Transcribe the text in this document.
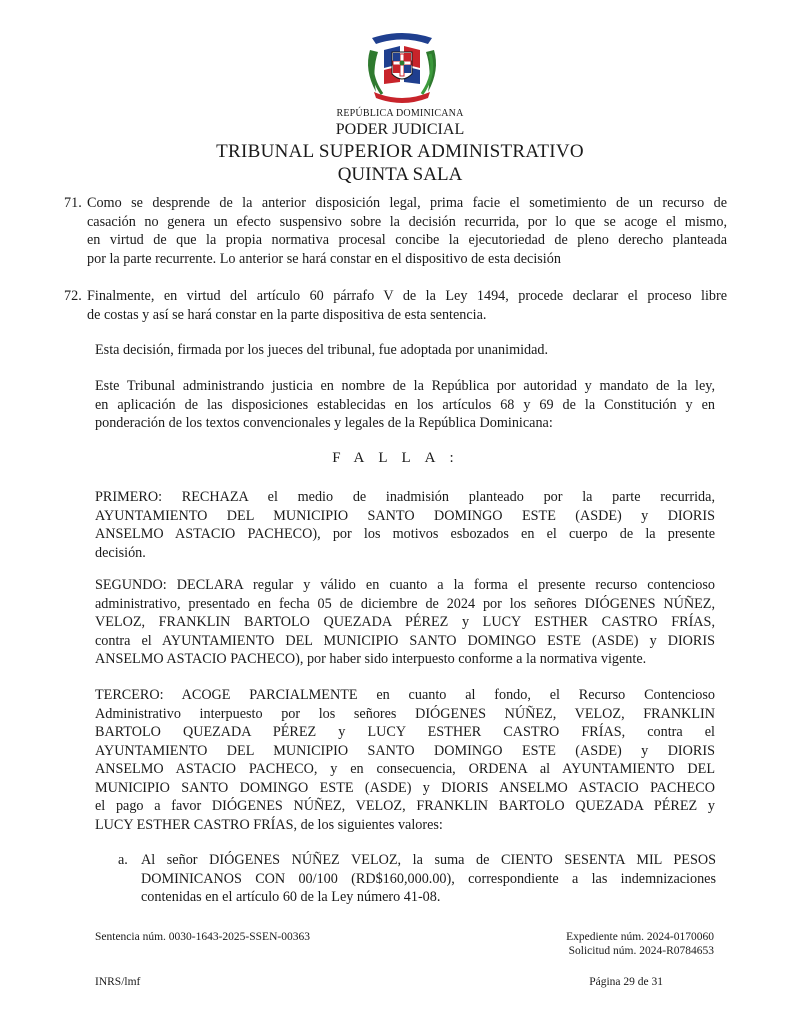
REPÚBLICA DOMINICANA
PODER JUDICIAL
TRIBUNAL SUPERIOR ADMINISTRATIVO
QUINTA SALA
71. Como se desprende de la anterior disposición legal, prima facie el sometimiento de un recurso de
casación no genera un efecto suspensivo sobre la decisión recurrida, por lo que se acoge el mismo,
en virtud de que la propia normativa procesal concibe la ejecutoriedad de pleno derecho planteada
por la parte recurrente. Lo anterior se hará constar en el dispositivo de esta decisión
72. Finalmente, en virtud del artículo 60 párrafo V de la Ley 1494, procede declarar el proceso libre
de costas y así se hará constar en la parte dispositiva de esta sentencia.
Esta decisión, firmada por los jueces del tribunal, fue adoptada por unanimidad.
Este Tribunal administrando justicia en nombre de la República por autoridad y mandato de la ley,
en aplicación de las disposiciones establecidas en los artículos 68 y 69 de la Constitución y en
ponderación de los textos convencionales y legales de la República Dominicana:
FALLA:
PRIMERO: RECHAZA el medio de inadmisión planteado por la parte recurrida,
AYUNTAMIENTO DEL MUNICIPIO SANTO DOMINGO ESTE (ASDE) y DIORIS
ANSELMO ASTACIO PACHECO), por los motivos esbozados en el cuerpo de la presente
decisión.
SEGUNDO: DECLARA regular y válido en cuanto a la forma el presente recurso contencioso
administrativo, presentado en fecha 05 de diciembre de 2024 por los señores DIÓGENES NÚÑEZ,
VELOZ, FRANKLIN BARTOLO QUEZADA PÉREZ y LUCY ESTHER CASTRO FRÍAS,
contra el AYUNTAMIENTO DEL MUNICIPIO SANTO DOMINGO ESTE (ASDE) y DIORIS
ANSELMO ASTACIO PACHECO), por haber sido interpuesto conforme a la normativa vigente.
TERCERO: ACOGE PARCIALMENTE en cuanto al fondo, el Recurso Contencioso
Administrativo interpuesto por los señores DIÓGENES NÚÑEZ, VELOZ, FRANKLIN
BARTOLO QUEZADA PÉREZ y LUCY ESTHER CASTRO FRÍAS, contra el
AYUNTAMIENTO DEL MUNICIPIO SANTO DOMINGO ESTE (ASDE) y DIORIS
ANSELMO ASTACIO PACHECO, y en consecuencia, ORDENA al AYUNTAMIENTO DEL
MUNICIPIO SANTO DOMINGO ESTE (ASDE) y DIORIS ANSELMO ASTACIO PACHECO
el pago a favor DIÓGENES NÚÑEZ, VELOZ, FRANKLIN BARTOLO QUEZADA PÉREZ y
LUCY ESTHER CASTRO FRÍAS, de los siguientes valores:
a. Al señor DIÓGENES NÚÑEZ VELOZ, la suma de CIENTO SESENTA MIL PESOS
DOMINICANOS CON 00/100 (RD$160,000.00), correspondiente a las indemnizaciones
contenidas en el artículo 60 de la Ley número 41-08.
Sentencia núm. 0030-1643-2025-SSEN-00363	Expediente núm. 2024-0170060
Solicitud núm. 2024-R0784653
INRS/lmf	Página 29 de 31
